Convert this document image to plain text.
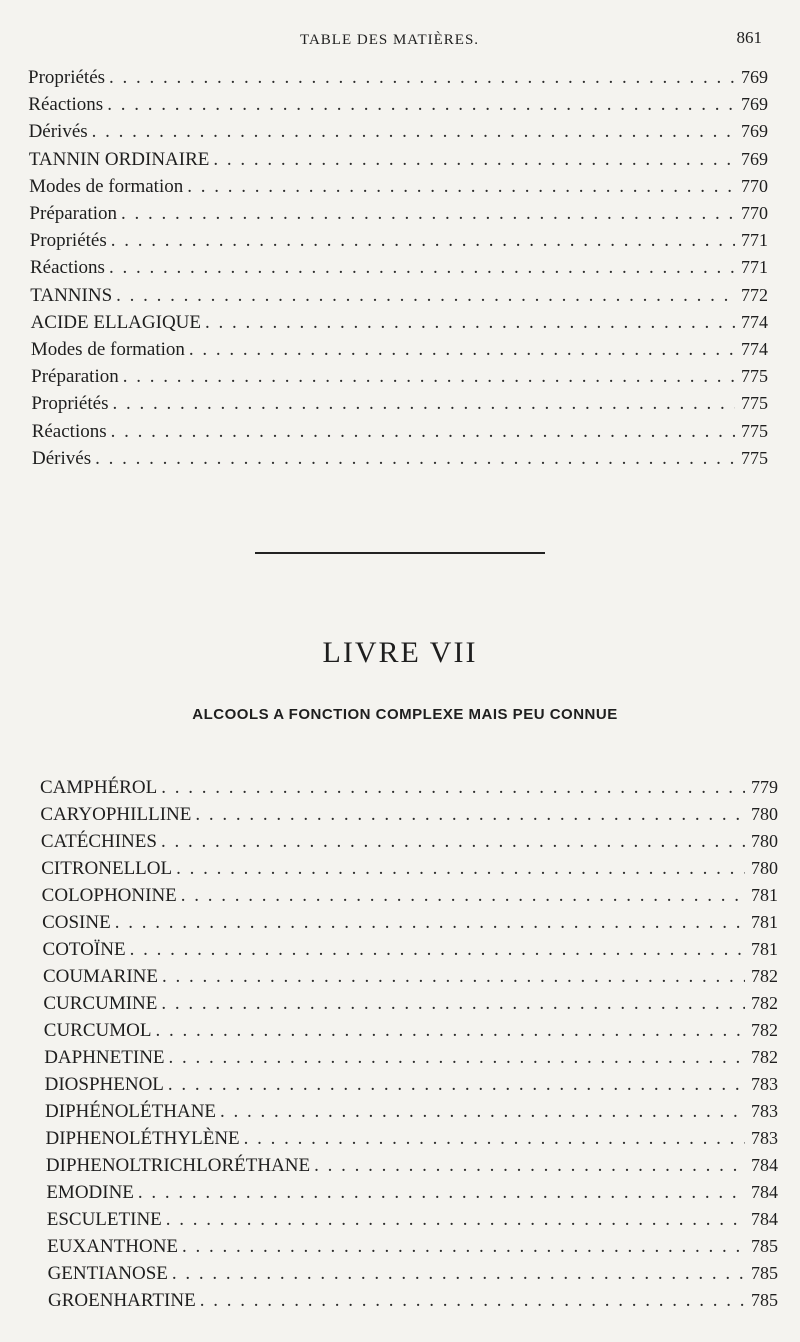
TABLE DES MATIÈRES.	861
Propriétés . . .	769
Réactions . . .	769
Dérivés . . .	769
TANNIN ORDINAIRE . . .	769
Modes de formation . . .	770
Préparation . . .	770
Propriétés . . .	771
Réactions . . .	771
TANNINS . . .	772
ACIDE ELLAGIQUE . . .	774
Modes de formation . . .	774
Préparation . . .	775
Propriétés . . .	775
Réactions . . .	775
Dérivés . . .	775
LIVRE VII
ALCOOLS A FONCTION COMPLEXE MAIS PEU CONNUE
CAMPHÉROL . . .	779
CARYOPHILLINE . . .	780
CATÉCHINES . . .	780
CITRONELLOL . . .	780
COLOPHONINE . . .	781
COSINE . . .	781
COTOÏNE . . .	781
COUMARINE . . .	782
CURCUMINE . . .	782
CURCUMOL . . .	782
DAPHNETINE . . .	782
DIOSPHENOL . . .	783
DIPHÉNOLÉTHANE . . .	783
DIPHENOLÉTHYLÈNE . . .	783
DIPHENOLTRICHLORÉTHANE . . .	784
EMODINE . . .	784
ESCULETINE . . .	784
EUXANTHONE . . .	785
GENTIANOSE . . .	785
GROENHARTINE . . .	785
